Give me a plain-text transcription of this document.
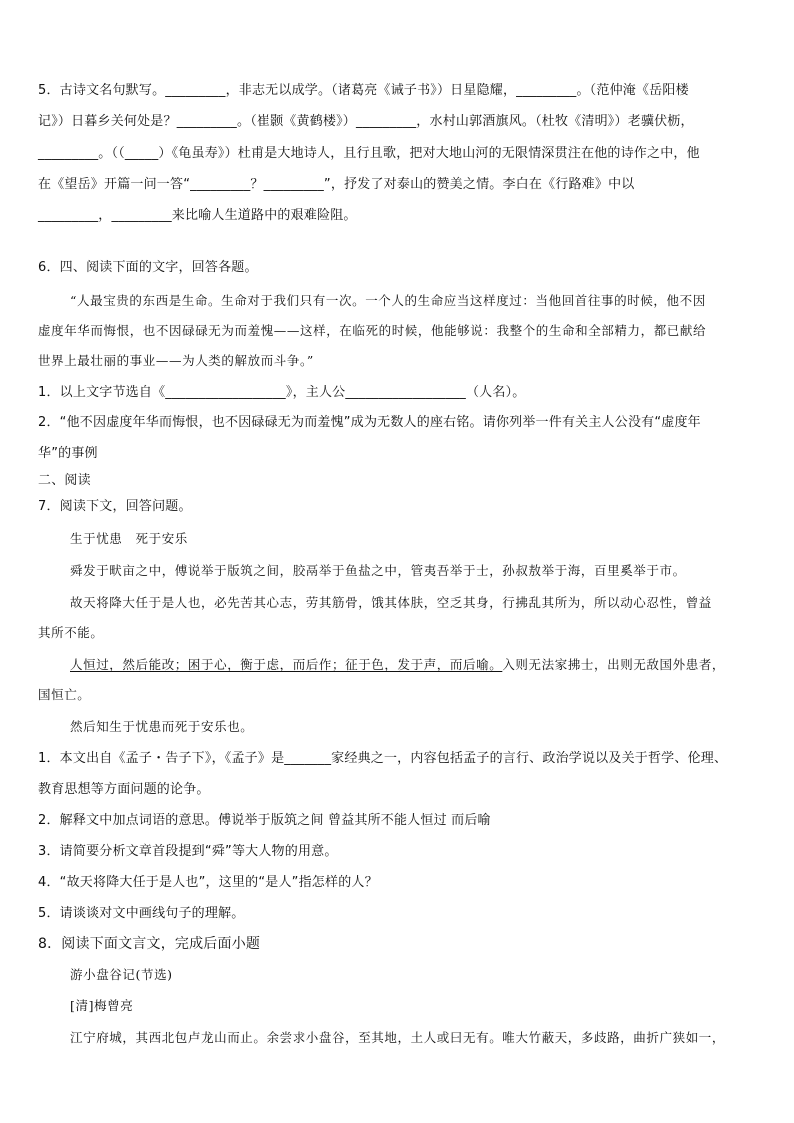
5．古诗文名句默写。_________，非志无以成学。（诸葛亮《诫子书》）日星隐耀，_________。（范仲淹《岳阳楼
记》）日暮乡关何处是？_________。（崔颢《黄鹤楼》）_________，水村山郭酒旗风。（杜牧《清明》）老骥伏枥，
_________。（（_____）《龟虽寿》）杜甫是大地诗人，且行且歌，把对大地山河的无限情深贯注在他的诗作之中，他
在《望岳》开篇一问一答“_________？_________”，抒发了对泰山的赞美之情。李白在《行路难》中以
_________，_________来比喻人生道路中的艰难险阻。
6．四、阅读下面的文字，回答各题。
“人最宝贵的东西是生命。生命对于我们只有一次。一个人的生命应当这样度过：当他回首往事的时候，他不因
虚度年华而悔恨，也不因碌碌无为而羞愧——这样，在临死的时候，他能够说：我整个的生命和全部精力，都已献给
世界上最壮丽的事业——为人类的解放而斗争。”
1．以上文字节选自《__________________》，主人公__________________（人名）。
2．“他不因虚度年华而悔恨，也不因碌碌无为而羞愧”成为无数人的座右铭。请你列举一件有关主人公没有“虚度年
华”的事例
二、阅读
7．阅读下文，回答问题。
生于忧患　死于安乐
舜发于畎亩之中，傅说举于版筑之间，胶鬲举于鱼盐之中，管夷吾举于士，孙叔敖举于海，百里奚举于市。
故天将降大任于是人也，必先苦其心志，劳其筋骨，饿其体肤，空乏其身，行拂乱其所为，所以动心忍性，曾益
其所不能。
人恒过，然后能改；困于心，衡于虑，而后作；征于色，发于声，而后喻。入则无法家拂士，出则无敌国外患者，
国恒亡。
然后知生于忧患而死于安乐也。
1．本文出自《孟子・告子下》，《孟子》是_______家经典之一，内容包括孟子的言行、政治学说以及关于哲学、伦理、
教育思想等方面问题的论争。
2．解释文中加点词语的意思。傅说举于版筑之间 曾益其所不能人恒过 而后喻
3．请简要分析文章首段提到“舜”等大人物的用意。
4．“故天将降大任于是人也”，这里的“是人”指怎样的人？
5．请谈谈对文中画线句子的理解。
8．阅读下面文言文，完成后面小题
游小盘谷记(节选)
[清]梅曾亮
江宁府城，其西北包卢龙山而止。余尝求小盘谷，至其地，土人或曰无有。唯大竹蔽天，多歧路，曲折广狭如一，
